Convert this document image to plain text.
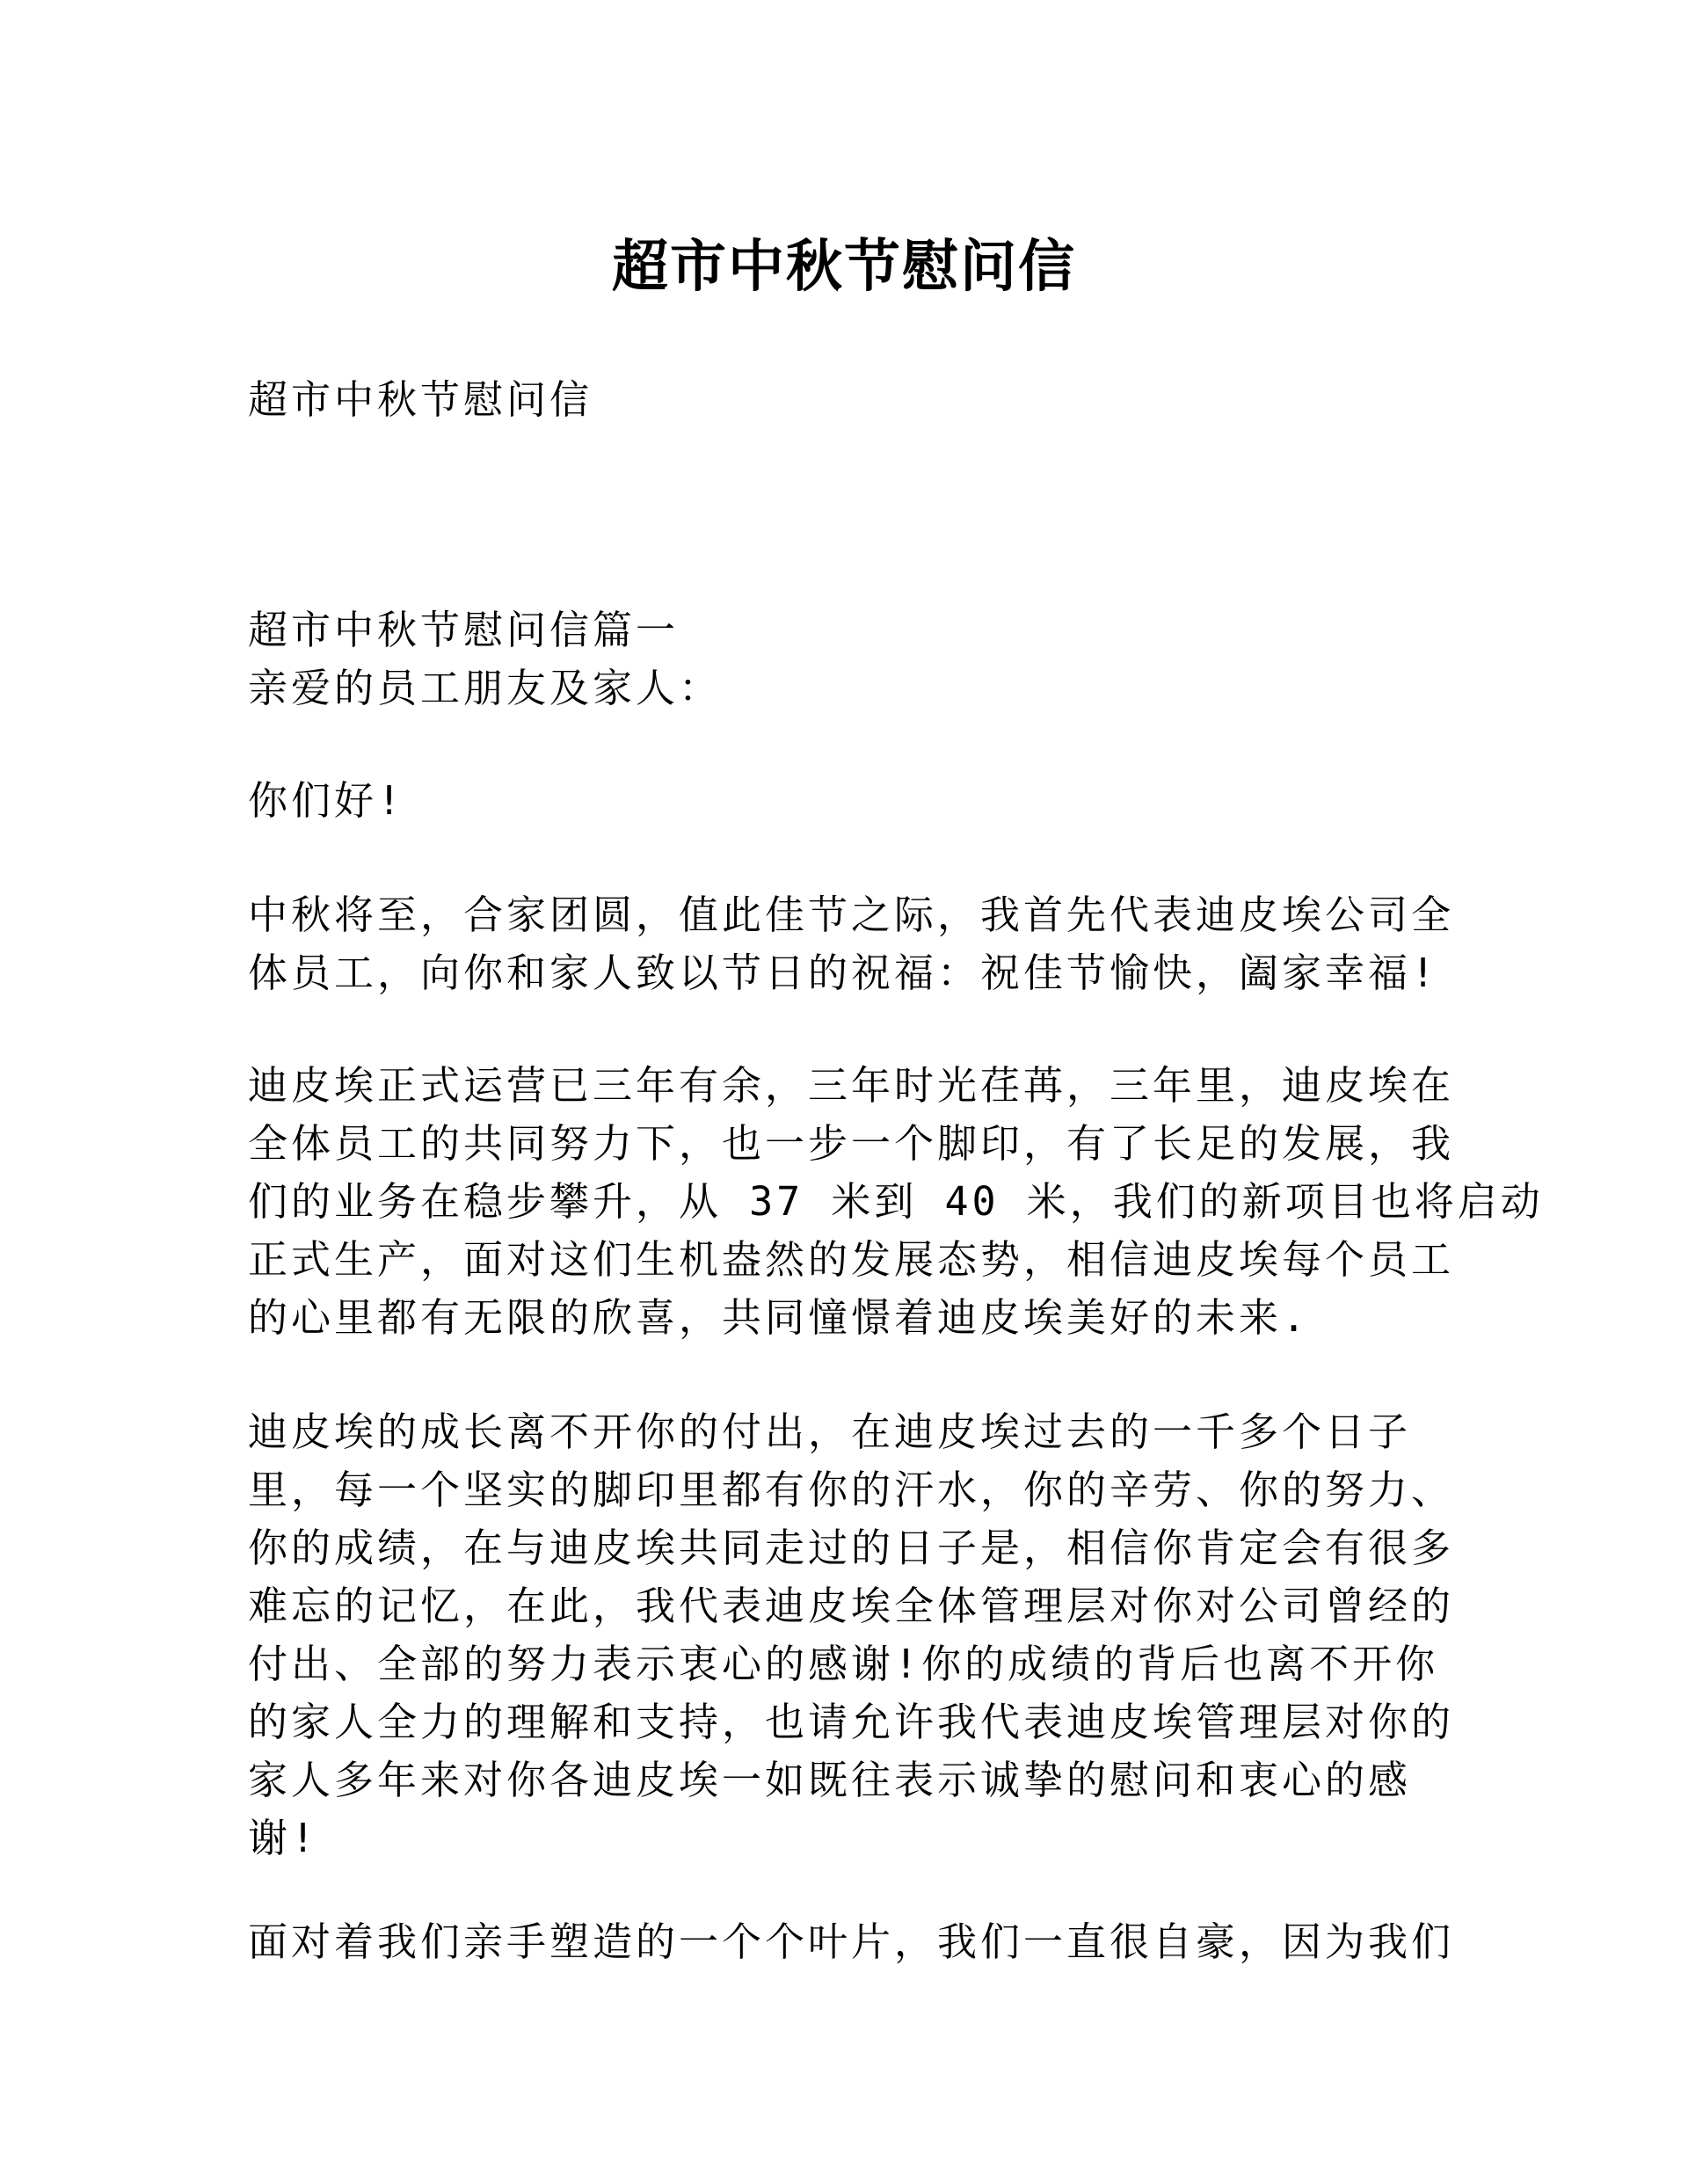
超市中秋节慰问信
超市中秋节慰问信
超市中秋节慰问信篇一
亲爱的员工朋友及家人：
你们好!
中秋将至，合家团圆，值此佳节之际，我首先代表迪皮埃公司全
体员工，向你和家人致以节日的祝福：祝佳节愉快，阖家幸福!
迪皮埃正式运营已三年有余，三年时光荏苒，三年里，迪皮埃在
全体员工的共同努力下，也一步一个脚印，有了长足的发展，我
们的业务在稳步攀升，从 37 米到 40 米，我们的新项目也将启动
正式生产，面对这们生机盎然的发展态势，相信迪皮埃每个员工
的心里都有无限的欣喜，共同憧憬着迪皮埃美好的未来.
迪皮埃的成长离不开你的付出，在迪皮埃过去的一千多个日子
里，每一个坚实的脚印里都有你的汗水，你的辛劳、你的努力、
你的成绩，在与迪皮埃共同走过的日子是，相信你肯定会有很多
难忘的记忆，在此，我代表迪皮埃全体管理层对你对公司曾经的
付出、全部的努力表示衷心的感谢!你的成绩的背后也离不开你
的家人全力的理解和支持，也请允许我代表迪皮埃管理层对你的
家人多年来对你各迪皮埃一如既往表示诚挚的慰问和衷心的感
谢!
面对着我们亲手塑造的一个个叶片，我们一直很自豪，因为我们
